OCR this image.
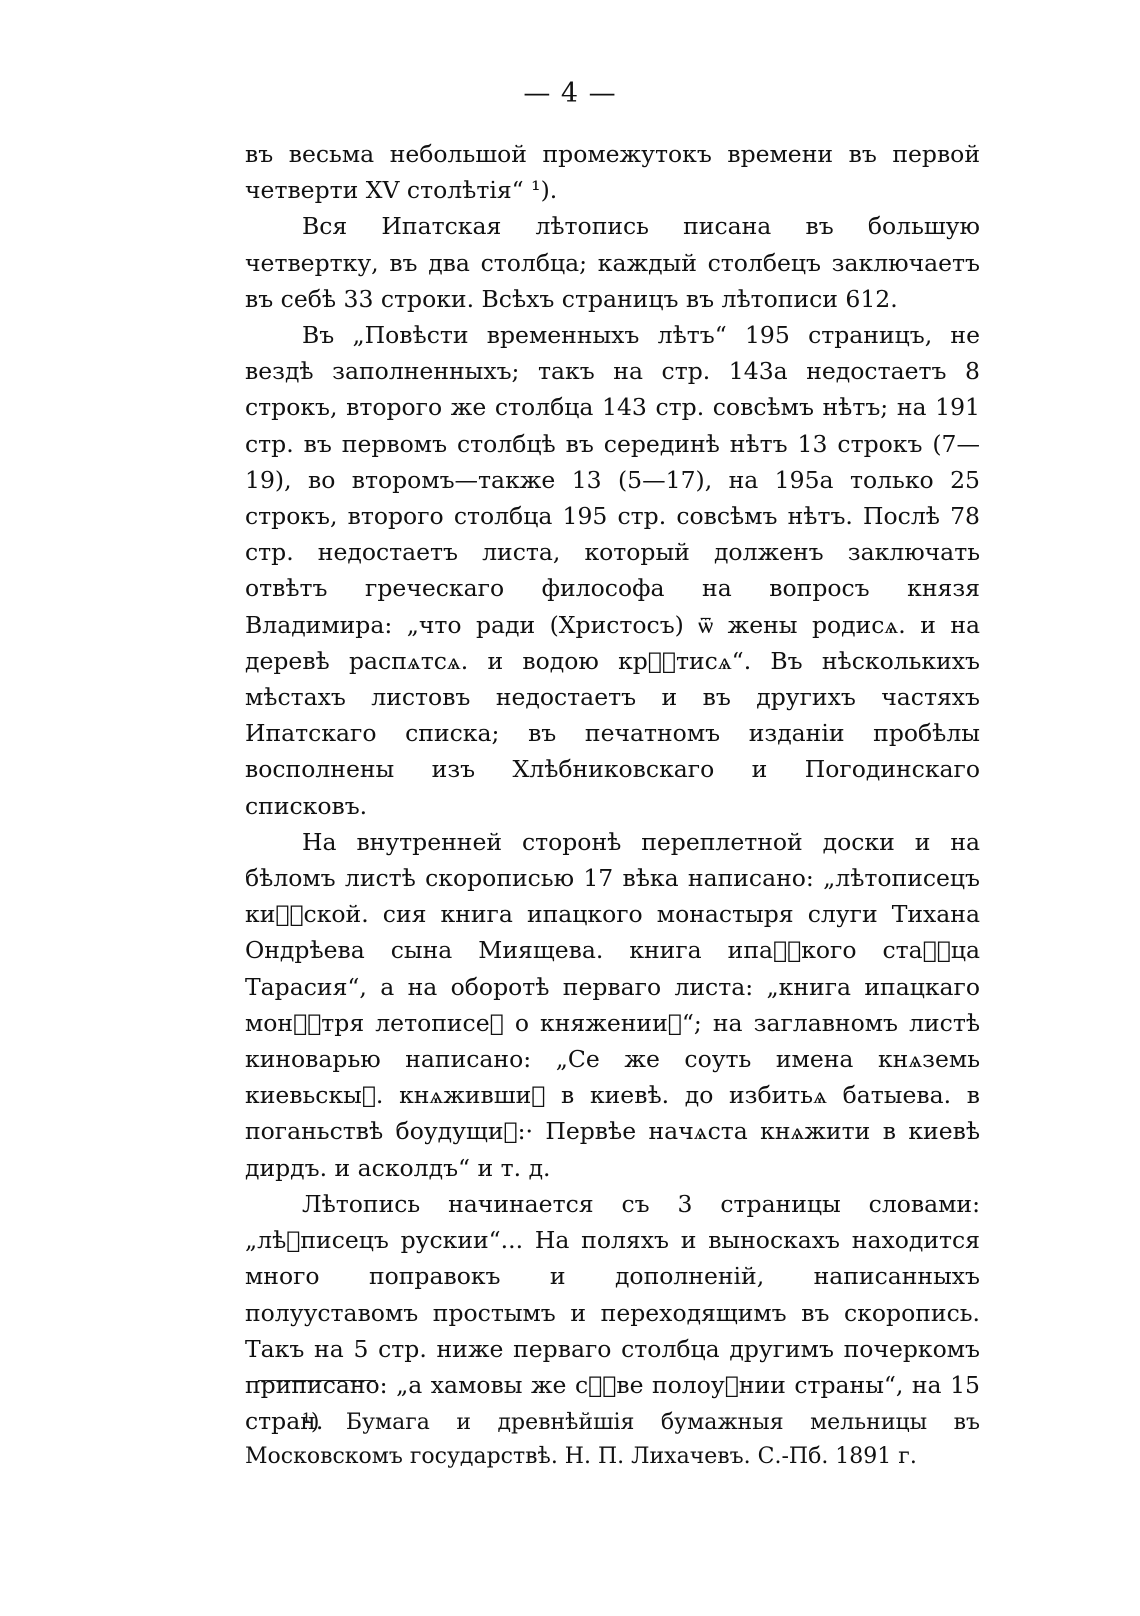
— 4 —

въ весьма небольшой промежутокъ времени въ первой четверти XV столѣтія“ ¹).

Вся Ипатская лѣтопись писана въ большую четвертку, въ два столбца; каждый столбецъ заключаетъ въ себѣ 33 строки. Всѣхъ страницъ въ лѣтописи 612.

Въ „Повѣсти временныхъ лѣтъ“ 195 страницъ, не вездѣ заполненныхъ; такъ на стр. 143а недостаетъ 8 строкъ, второго же столбца 143 стр. совсѣмъ нѣтъ; на 191 стр. въ первомъ столбцѣ въ серединѣ нѣтъ 13 строкъ (7—19), во второмъ—также 13 (5—17), на 195а только 25 строкъ, второго столбца 195 стр. совсѣмъ нѣтъ. Послѣ 78 стр. недостаетъ листа, который долженъ заключать отвѣтъ греческаго философа на вопросъ князя Владимира: „что ради (Христосъ) ѿ жены родисѧ. и на деревѣ распѧтсѧ. и водою крⷭ҇тисѧ“. Въ нѣсколькихъ мѣстахъ листовъ недостаетъ и въ другихъ частяхъ Ипатскаго списка; въ печатномъ изданіи пробѣлы восполнены изъ Хлѣбниковскаго и Погодинскаго списковъ.

На внутренней сторонѣ переплетной доски и на бѣломъ листѣ скорописью 17 вѣка написано: „лѣтописецъ киⷷ҇ской. сия книга ипацкого монастыря слуги Тихана Ондрѣева сына Миящева. книга ипаⷦ҇кого стаⷰ҇ца Тарасия“, а на оборотѣ перваго листа: „книга ипацкаго монⷭ҇тря летописеⷰ о княженииⷯ“; на заглавномъ листѣ киноварью написано: „Се же соуть имена кнѧземь киевьскыⷯ. кнѧжившиⷯ в киевѣ. до избитьѧ батыева. в поганьствѣ боудущиⷯ:· Первѣе начѧста кнѧжити в киевѣ дирдъ. и асколдъ“ и т. д.

Лѣтопись начинается съ 3 страницы словами: „лѣⷮписецъ рускии“... На поляхъ и выноскахъ находится много поправокъ и дополненій, написанныхъ полууставомъ простымъ и переходящимъ въ скоропись. Такъ на 5 стр. ниже перваго столбца другимъ почеркомъ приписано: „а хамовы же сⷩ҇ве полоуⷣнии страны“, на 15 стран.

¹) Бумага и древнѣйшія бумажныя мельницы въ Московскомъ государствѣ. Н. П. Лихачевъ. С.-Пб. 1891 г.
